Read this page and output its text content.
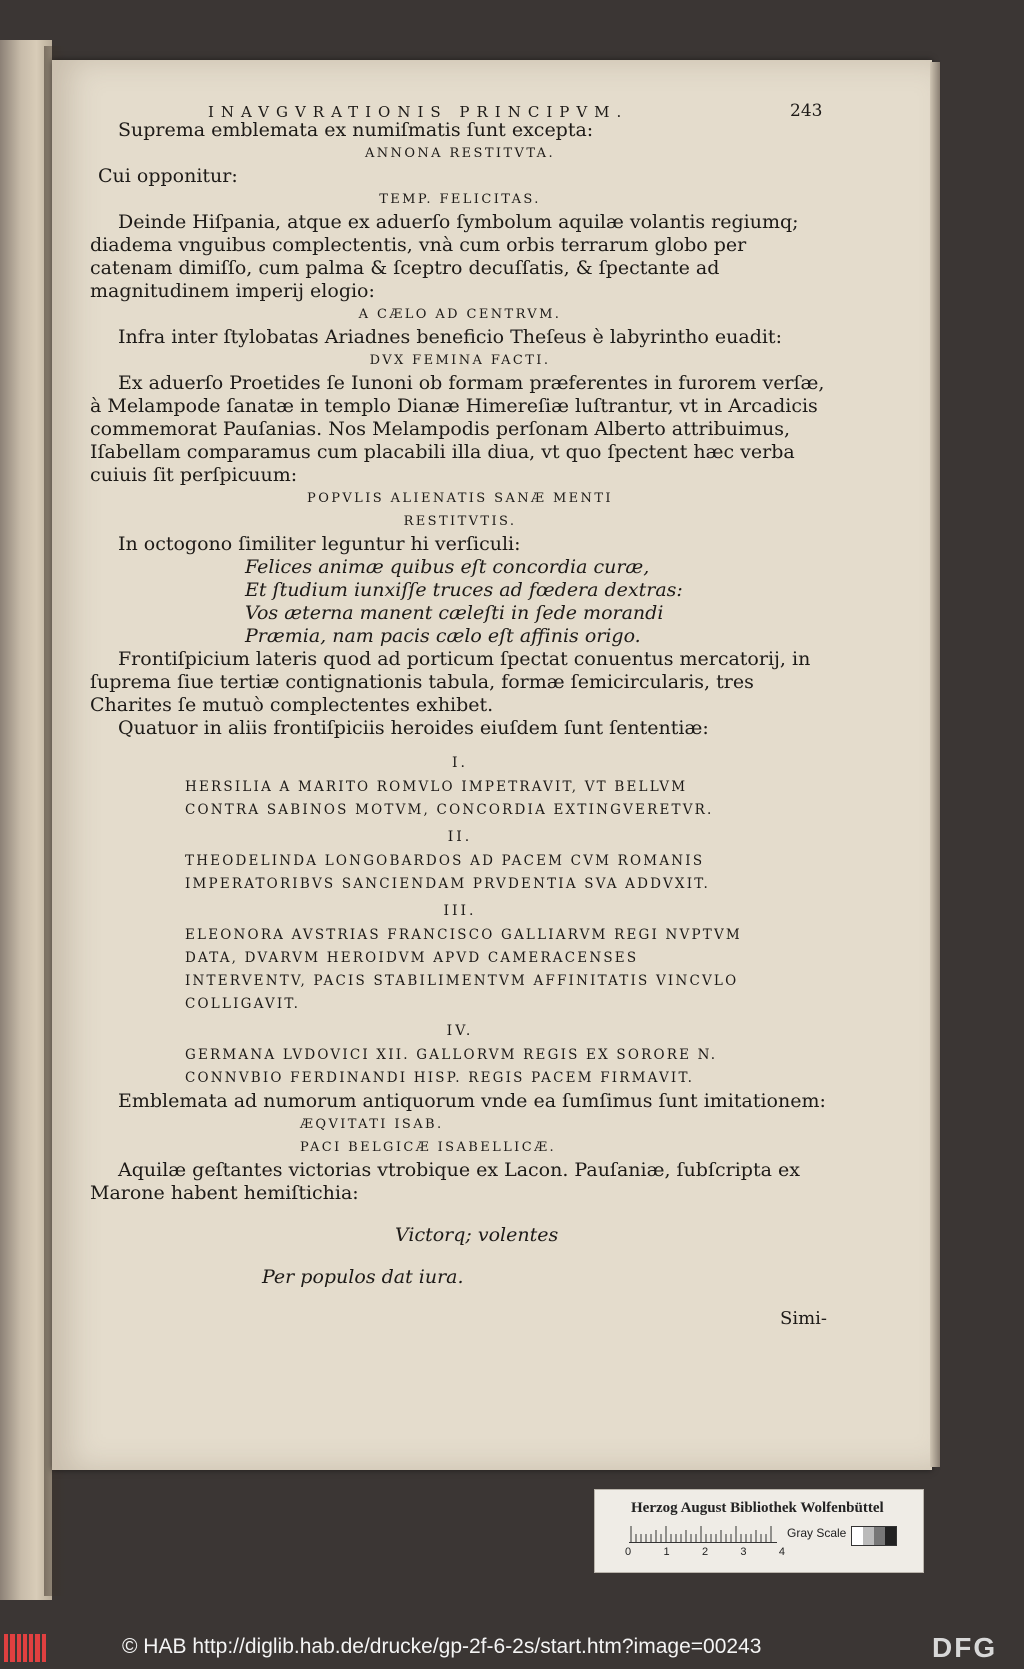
INAVGVRATIONIS PRINCIPVM.	243

Suprema emblemata ex numiſmatis ſunt excepta:

ANNONA RESTITVTA.

Cui opponitur:

TEMP. FELICITAS.

Deinde Hiſpania, atque ex aduerſo ſymbolum aquilæ volantis regiumq; diadema vnguibus complectentis, vnà cum orbis terrarum globo per catenam dimiſſo, cum palma & ſceptro decuſſatis, & ſpectante ad magnitudinem imperij elogio:

A CÆLO AD CENTRVM.

Infra inter ſtylobatas Ariadnes beneficio Theſeus è labyrintho euadit:

DVX FEMINA FACTI.

Ex aduerſo Proetides ſe Iunoni ob formam præferentes in furorem verſæ, à Melampode ſanatæ in templo Dianæ Himereſiæ luſtrantur, vt in Arcadicis commemorat Pauſanias. Nos Melampodis perſonam Alberto attribuimus, Iſabellam comparamus cum placabili illa diua, vt quo ſpectent hæc verba cuiuis ſit perſpicuum:

POPVLIS ALIENATIS SANÆ MENTI

RESTITVTIS.

In octogono ſimiliter leguntur hi verſiculi:

Felices animæ quibus eſt concordia curæ,

Et ſtudium iunxiſſe truces ad fœdera dextras:

Vos æterna manent cæleſti in ſede morandi

Præmia, nam pacis cælo eſt affinis origo.

Frontiſpicium lateris quod ad porticum ſpectat conuentus mercatorij, in ſuprema ſiue tertiæ contignationis tabula, formæ ſemicircularis, tres Charites ſe mutuò complectentes exhibet.

Quatuor in aliis frontiſpiciis heroides eiuſdem ſunt ſententiæ:

I.

HERSILIA A MARITO ROMVLO IMPETRAVIT, VT BELLVM CONTRA SABINOS MOTVM, CONCORDIA EXTINGVERETVR.

II.

THEODELINDA LONGOBARDOS AD PACEM CVM ROMANIS IMPERATORIBVS SANCIENDAM PRVDENTIA SVA ADDVXIT.

III.

ELEONORA AVSTRIAS FRANCISCO GALLIARVM REGI NVPTVM DATA, DVARVM HEROIDVM APVD CAMERACENSES INTERVENTV, PACIS STABILIMENTVM AFFINITATIS VINCVLO COLLIGAVIT.

IV.

GERMANA LVDOVICI XII. GALLORVM REGIS EX SORORE N. CONNVBIO FERDINANDI HISP. REGIS PACEM FIRMAVIT.

Emblemata ad numorum antiquorum vnde ea ſumſimus ſunt imitationem:

ÆQVITATI ISAB.

PACI BELGICÆ ISABELLICÆ.

Aquilæ geſtantes victorias vtrobique ex Lacon. Pauſaniæ, ſubſcripta ex Marone habent hemiſtichia:

Victorq; volentes

Per populos dat iura.

Simi-
Herzog August Bibliothek Wolfenbüttel
0	1	2	3	4
Gray Scale
© HAB http://diglib.hab.de/drucke/gp-2f-6-2s/start.htm?image=00243	DFG
